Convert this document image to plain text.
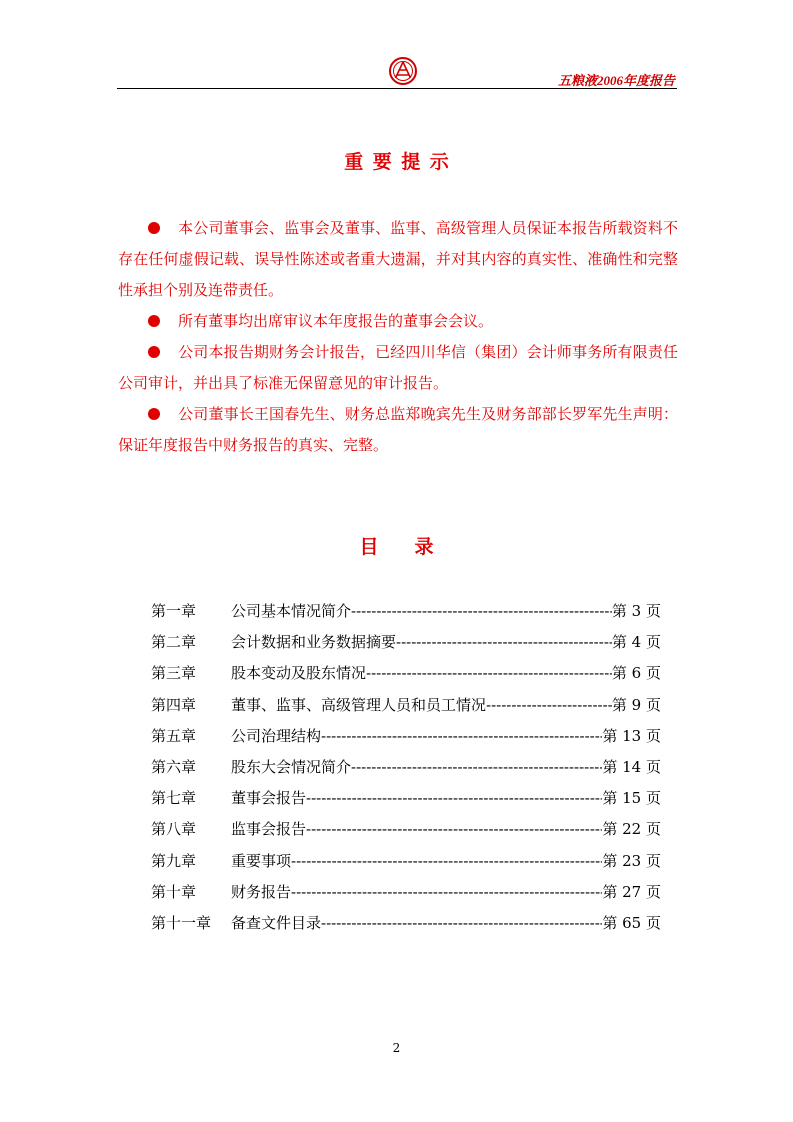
五粮液2006年度报告
重要提示

本公司董事会、监事会及董事、监事、高级管理人员保证本报告所载资料不存在任何虚假记载、误导性陈述或者重大遗漏，并对其内容的真实性、准确性和完整性承担个别及连带责任。

所有董事均出席审议本年度报告的董事会会议。

公司本报告期财务会计报告，已经四川华信（集团）会计师事务所有限责任公司审计，并出具了标准无保留意见的审计报告。

公司董事长王国春先生、财务总监郑晚宾先生及财务部部长罗军先生声明：保证年度报告中财务报告的真实、完整。

目 录
第一章	公司基本情况简介 -----	第 3 页
第二章	会计数据和业务数据摘要 -----	第 4 页
第三章	股本变动及股东情况 -----	第 6 页
第四章	董事、监事、高级管理人员和员工情况 -----	第 9 页
第五章	公司治理结构 -----	第 13 页
第六章	股东大会情况简介 -----	第 14 页
第七章	董事会报告 -----	第 15 页
第八章	监事会报告 -----	第 22 页
第九章	重要事项 -----	第 23 页
第十章	财务报告 -----	第 27 页
第十一章	备查文件目录 -----	第 65 页
2
